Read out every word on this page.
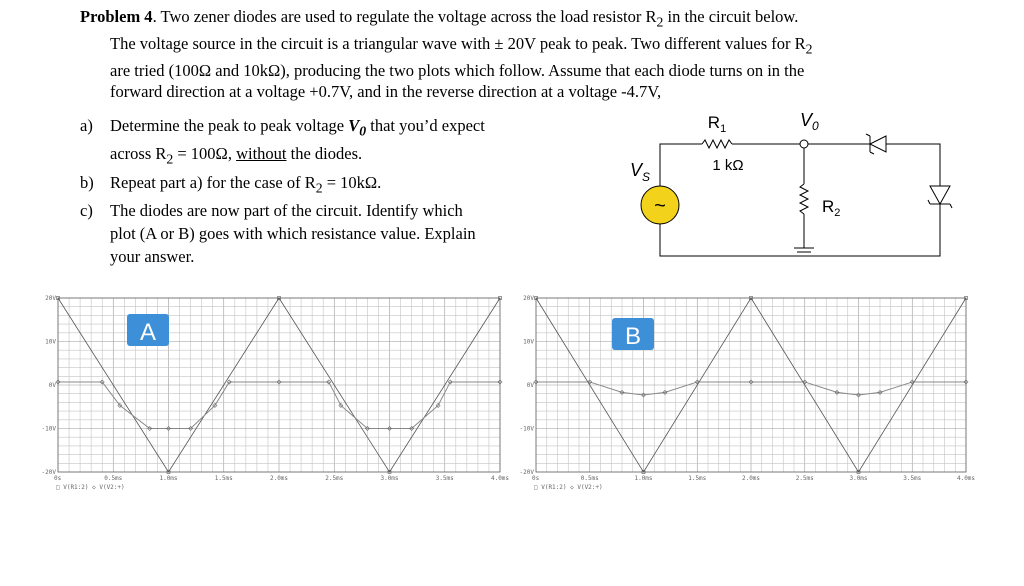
Problem 4. Two zener diodes are used to regulate the voltage across the load resistor $R_2$ in the circuit below.
The voltage source in the circuit is a triangular wave with ± 20V peak to peak. Two different values for $R_2$
are tried (100Ω and 10kΩ), producing the two plots which follow. Assume that each diode turns on in the
forward direction at a voltage +0.7V, and in the reverse direction at a voltage -4.7V,
a)	Determine the peak to peak voltage $V_0$ that you’d expect
across $R_2 = 100\Omega$, without the diodes.
b) Repeat part a) for the case of $R_2 = 10k\Omega$.
c)	The diodes are now part of the circuit. Identify which
plot (A or B) goes with which resistance value. Explain
your answer.
~
$R_1$
1 kΩ
$V_0$
$V_S$
$R_2$
20V
10V
0V
-10V
-20V
0s	0.5ms	1.0ms	1.5ms	2.0ms	2.5ms	3.0ms	3.5ms	4.0ms
□ V(R1:2) ◇ V(V2:+)
A
20V
10V
0V
-10V
-20V
0s	0.5ms	1.0ms	1.5ms	2.0ms	2.5ms	3.0ms	3.5ms	4.0ms
□ V(R1:2) ◇ V(V2:+)
B
